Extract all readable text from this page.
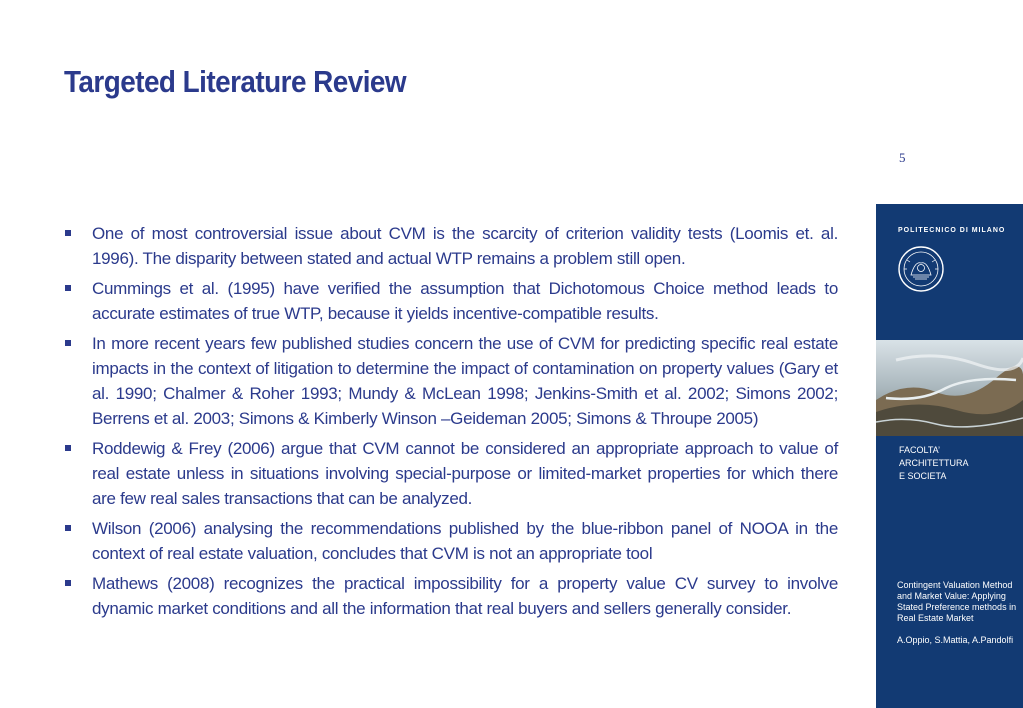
Targeted Literature Review
5
One of most controversial issue about CVM is the scarcity of criterion validity tests (Loomis et. al. 1996). The disparity between stated and actual WTP remains a problem still open.
Cummings et al. (1995) have verified the assumption that Dichotomous Choice method leads to accurate estimates of true WTP, because it yields incentive-compatible results.
In more recent years few published studies concern the use of CVM for predicting specific real estate impacts in the context of litigation to determine the impact of contamination on property values (Gary et al. 1990; Chalmer & Roher 1993; Mundy & McLean 1998; Jenkins-Smith et al. 2002; Simons 2002; Berrens et al. 2003; Simons & Kimberly Winson –Geideman 2005; Simons & Throupe 2005)
Roddewig & Frey (2006) argue that CVM cannot be considered an appropriate approach to value of real estate unless in situations involving special-purpose or limited-market properties for which there are few real sales transactions that can be analyzed.
Wilson (2006) analysing the recommendations published by the blue-ribbon panel of NOOA in the context of real estate valuation, concludes that CVM is not an appropriate tool
Mathews (2008) recognizes the practical impossibility for a property value CV survey to involve dynamic market conditions and all the information that real buyers and sellers generally consider.
POLITECNICO DI MILANO

FACOLTA’
ARCHITETTURA
E SOCIETA

Contingent Valuation Method and Market Value: Applying Stated Preference methods in Real Estate Market

A.Oppio, S.Mattia, A.Pandolfi
